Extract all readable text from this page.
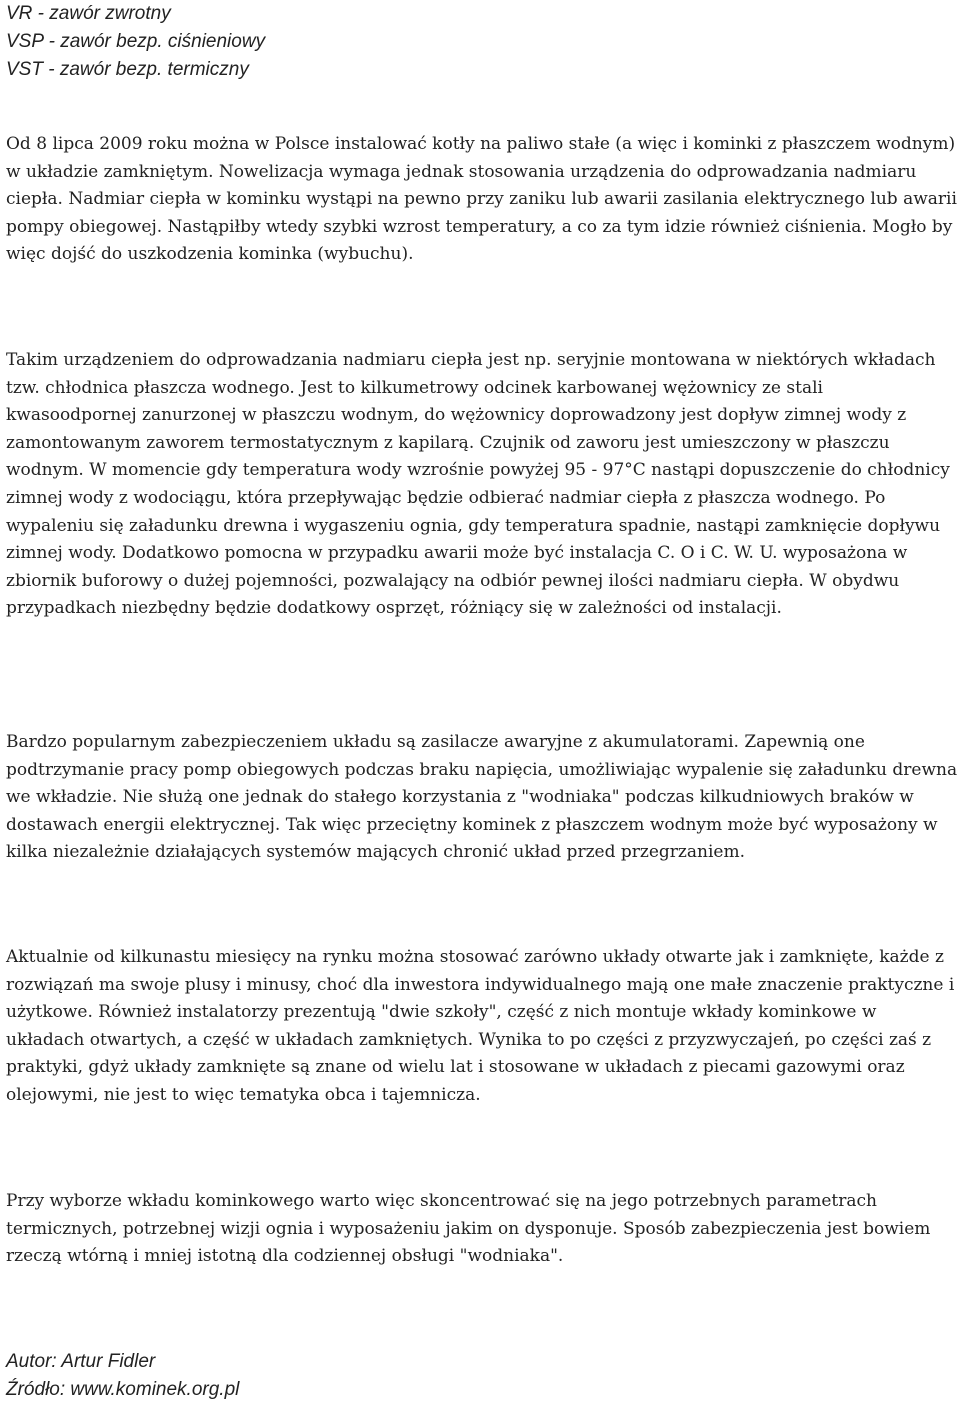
VR - zawór zwrotny
VSP - zawór bezp. ciśnieniowy
VST - zawór bezp. termiczny

Od 8 lipca 2009 roku można w Polsce instalować kotły na paliwo stałe (a więc i kominki z płaszczem wodnym) w układzie zamkniętym. Nowelizacja wymaga jednak stosowania urządzenia do odprowadzania nadmiaru ciepła. Nadmiar ciepła w kominku wystąpi na pewno przy zaniku lub awarii zasilania elektrycznego lub awarii pompy obiegowej. Nastąpiłby wtedy szybki wzrost temperatury, a co za tym idzie również ciśnienia. Mogło by więc dojść do uszkodzenia kominka (wybuchu).

Takim urządzeniem do odprowadzania nadmiaru ciepła jest np. seryjnie montowana w niektórych wkładach tzw. chłodnica płaszcza wodnego. Jest to kilkumetrowy odcinek karbowanej wężownicy ze stali kwasoodpornej zanurzonej w płaszczu wodnym, do wężownicy doprowadzony jest dopływ zimnej wody z zamontowanym zaworem termostatycznym z kapilarą. Czujnik od zaworu jest umieszczony w płaszczu wodnym. W momencie gdy temperatura wody wzrośnie powyżej 95 - 97°C nastąpi dopuszczenie do chłodnicy zimnej wody z wodociągu, która przepływając będzie odbierać nadmiar ciepła z płaszcza wodnego. Po wypaleniu się załadunku drewna i wygaszeniu ognia, gdy temperatura spadnie, nastąpi zamknięcie dopływu zimnej wody. Dodatkowo pomocna w przypadku awarii może być instalacja C. O i C. W. U. wyposażona w zbiornik buforowy o dużej pojemności, pozwalający na odbiór pewnej ilości nadmiaru ciepła. W obydwu przypadkach niezbędny będzie dodatkowy osprzęt, różniący się w zależności od instalacji.

Bardzo popularnym zabezpieczeniem układu są zasilacze awaryjne z akumulatorami. Zapewnią one podtrzymanie pracy pomp obiegowych podczas braku napięcia, umożliwiając wypalenie się załadunku drewna we wkładzie. Nie służą one jednak do stałego korzystania z "wodniaka" podczas kilkudniowych braków w dostawach energii elektrycznej. Tak więc przeciętny kominek z płaszczem wodnym może być wyposażony w kilka niezależnie działających systemów mających chronić układ przed przegrzaniem.

Aktualnie od kilkunastu miesięcy na rynku można stosować zarówno układy otwarte jak i zamknięte, każde z rozwiązań ma swoje plusy i minusy, choć dla inwestora indywidualnego mają one małe znaczenie praktyczne i użytkowe. Również instalatorzy prezentują "dwie szkoły", część z nich montuje wkłady kominkowe w układach otwartych, a część w układach zamkniętych. Wynika to po części z przyzwyczajeń, po części zaś z praktyki, gdyż układy zamknięte są znane od wielu lat i stosowane w układach z piecami gazowymi oraz olejowymi, nie jest to więc tematyka obca i tajemnicza.

Przy wyborze wkładu kominkowego warto więc skoncentrować się na jego potrzebnych parametrach termicznych, potrzebnej wizji ognia i wyposażeniu jakim on dysponuje. Sposób zabezpieczenia jest bowiem rzeczą wtórną i mniej istotną dla codziennej obsługi "wodniaka".

Autor: Artur Fidler
Źródło: www.kominek.org.pl
